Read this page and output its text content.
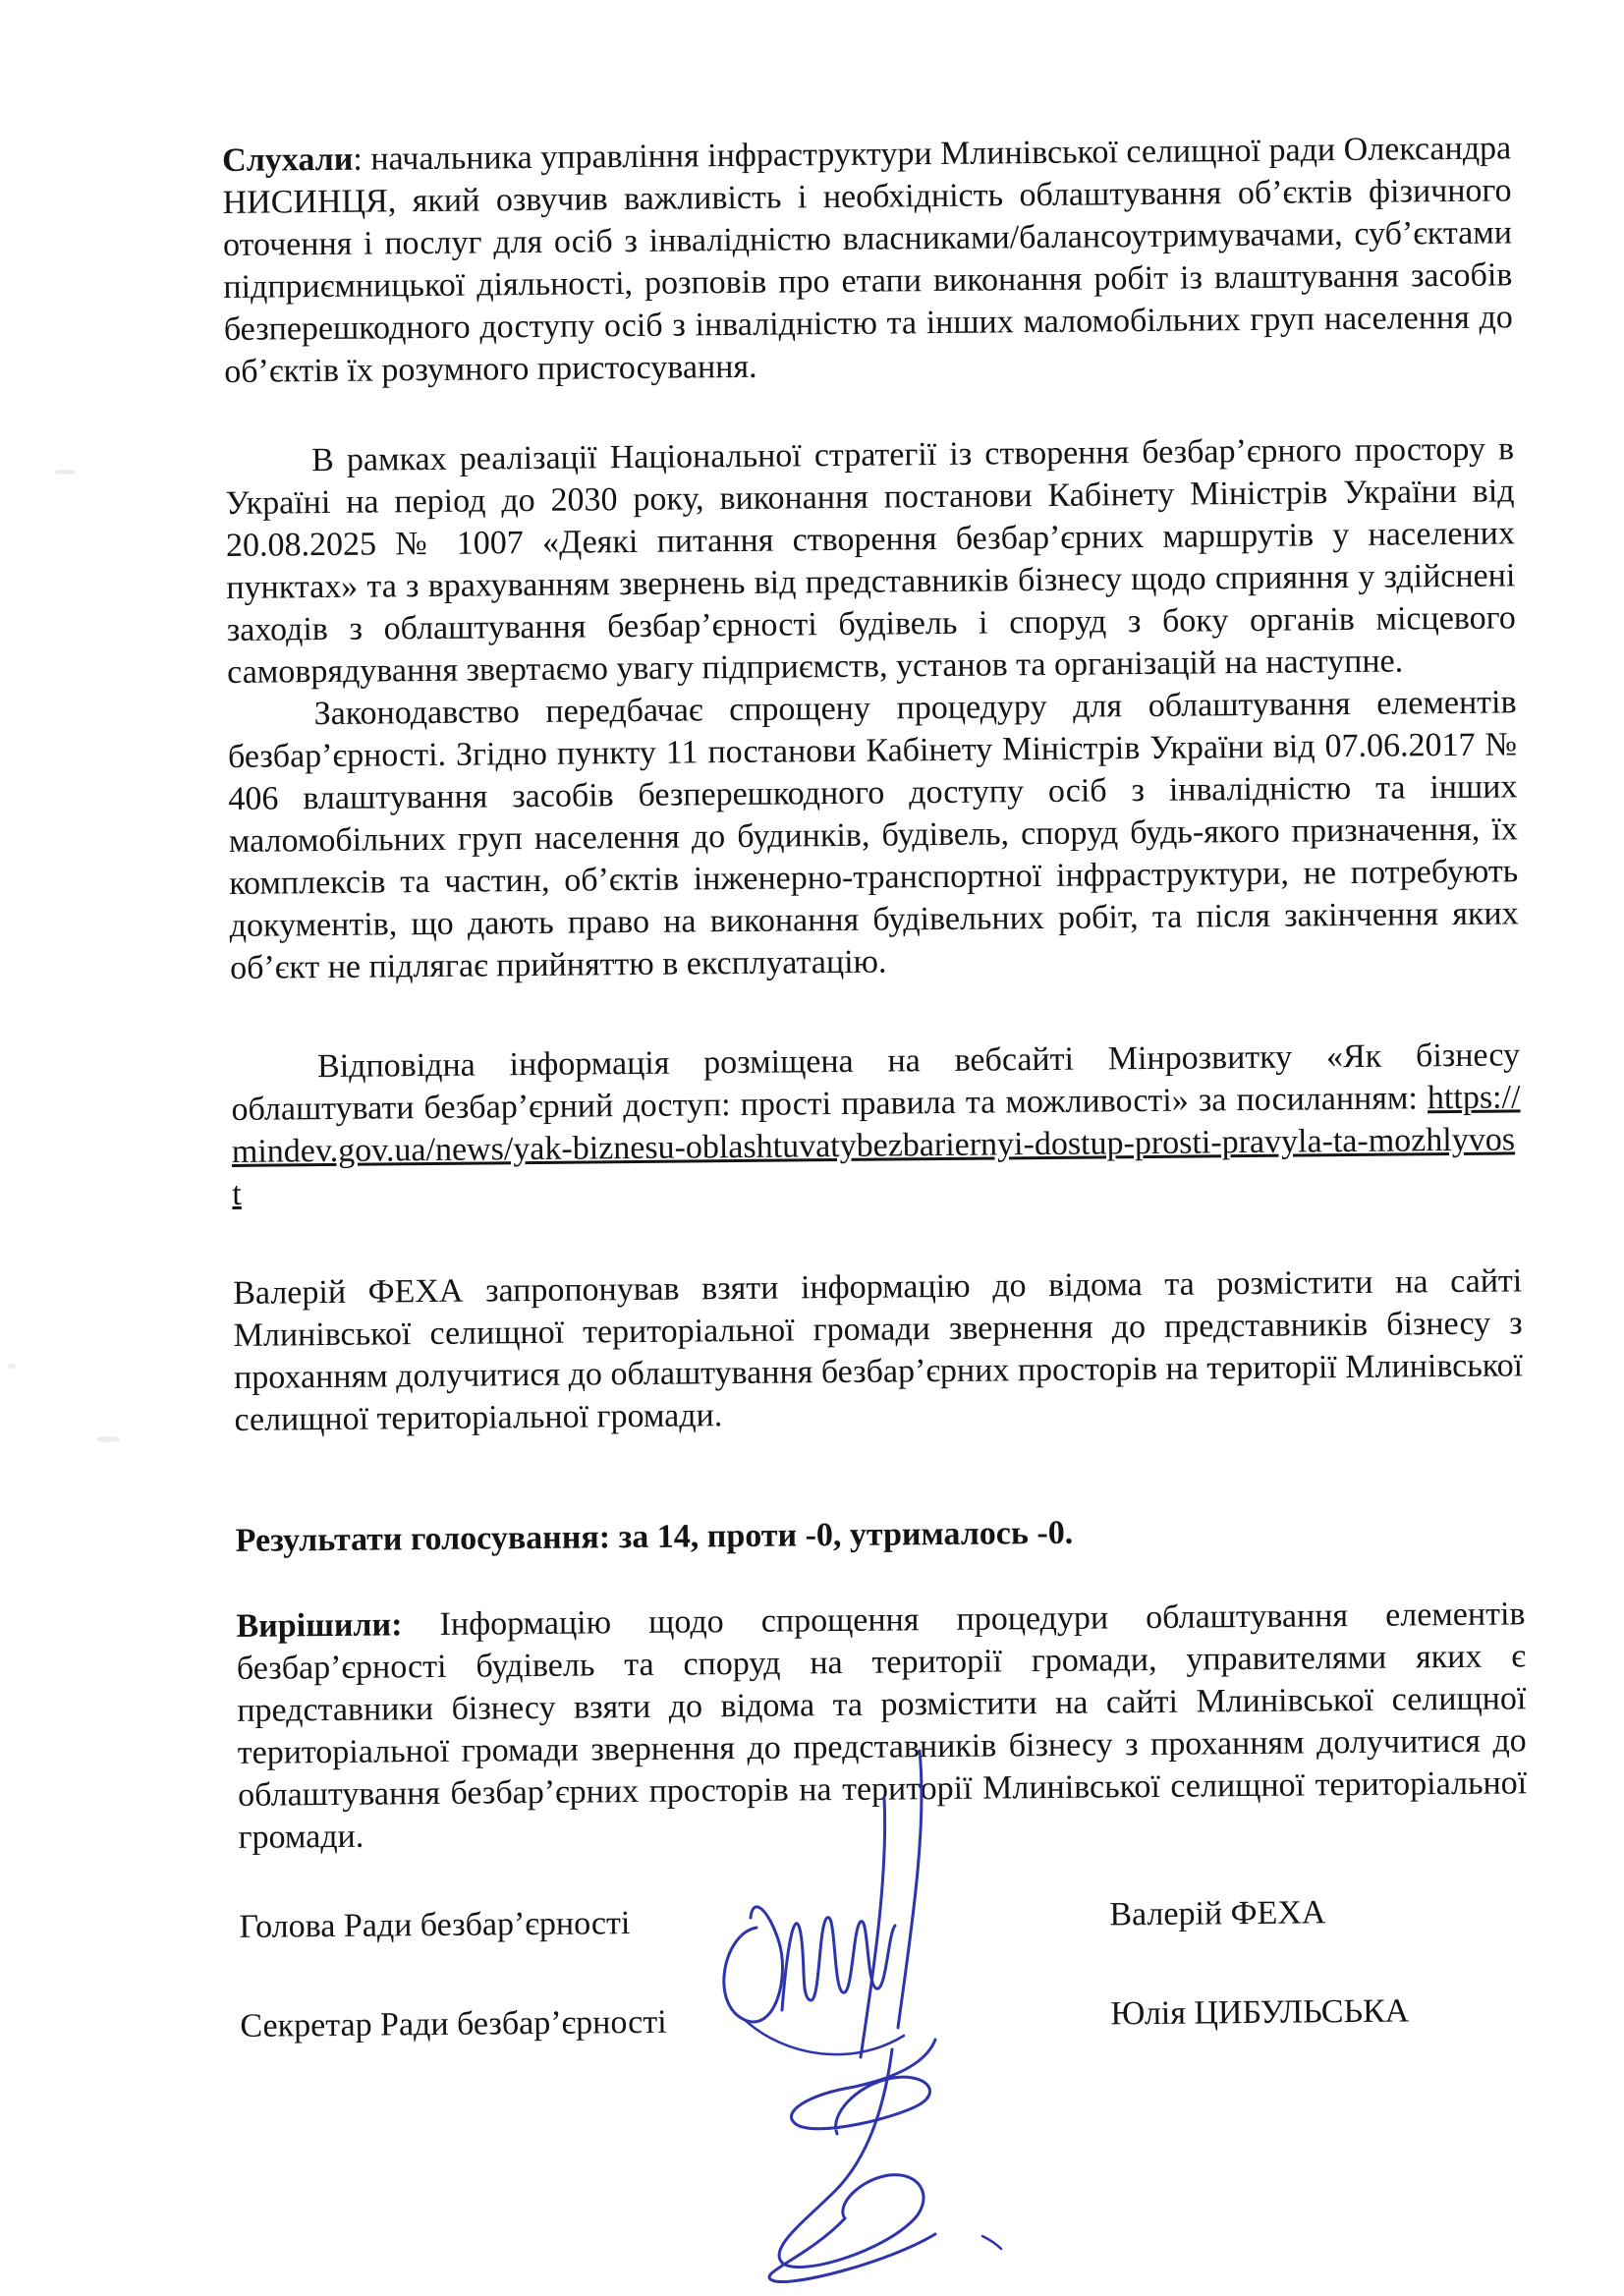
Слухали: начальника управління інфраструктури Млинівської селищної ради Олександра НИСИНЦЯ, який озвучив важливість і необхідність облаштування об’єктів фізичного оточення і послуг для осіб з інвалідністю власниками/балансоутримувачами, суб’єктами підприємницької діяльності, розповів про етапи виконання робіт із влаштування засобів безперешкодного доступу осіб з інвалідністю та інших маломобільних груп населення до об’єктів їх розумного пристосування.

В рамках реалізації Національної стратегії із створення безбар’єрного простору в Україні на період до 2030 року, виконання постанови Кабінету Міністрів України від 20.08.2025 № 1007 «Деякі питання створення безбар’єрних маршрутів у населених пунктах» та з врахуванням звернень від представників бізнесу щодо сприяння у здійснені заходів з облаштування безбар’єрності будівель і споруд з боку органів місцевого самоврядування звертаємо увагу підприємств, установ та організацій на наступне.

Законодавство передбачає спрощену процедуру для облаштування елементів безбар’єрності. Згідно пункту 11 постанови Кабінету Міністрів України від 07.06.2017 № 406 влаштування засобів безперешкодного доступу осіб з інвалідністю та інших маломобільних груп населення до будинків, будівель, споруд будь-якого призначення, їх комплексів та частин, об’єктів інженерно-транспортної інфраструктури, не потребують документів, що дають право на виконання будівельних робіт, та після закінчення яких об’єкт не підлягає прийняттю в експлуатацію.

Відповідна інформація розміщена на вебсайті Мінрозвитку «Як бізнесу облаштувати безбар’єрний доступ: прості правила та можливості» за посиланням: https://mindev.gov.ua/news/yak-biznesu-oblashtuvatybezbariernyi-dostup-prosti-pravyla-ta-mozhlyvost

Валерій ФЕХА запропонував взяти інформацію до відома та розмістити на сайті Млинівської селищної територіальної громади звернення до представників бізнесу з проханням долучитися до облаштування безбар’єрних просторів на території Млинівської селищної територіальної громади.

Результати голосування: за 14, проти -0, утрималось -0.

Вирішили: Інформацію щодо спрощення процедури облаштування елементів безбар’єрності будівель та споруд на території громади, управителями яких є представники бізнесу взяти до відома та розмістити на сайті Млинівської селищної територіальної громади звернення до представників бізнесу з проханням долучитися до облаштування безбар’єрних просторів на території Млинівської селищної територіальної громади.

Голова Ради безбар’єрності	Валерій ФЕХА
Секретар Ради безбар’єрності	Юлія ЦИБУЛЬСЬКА
